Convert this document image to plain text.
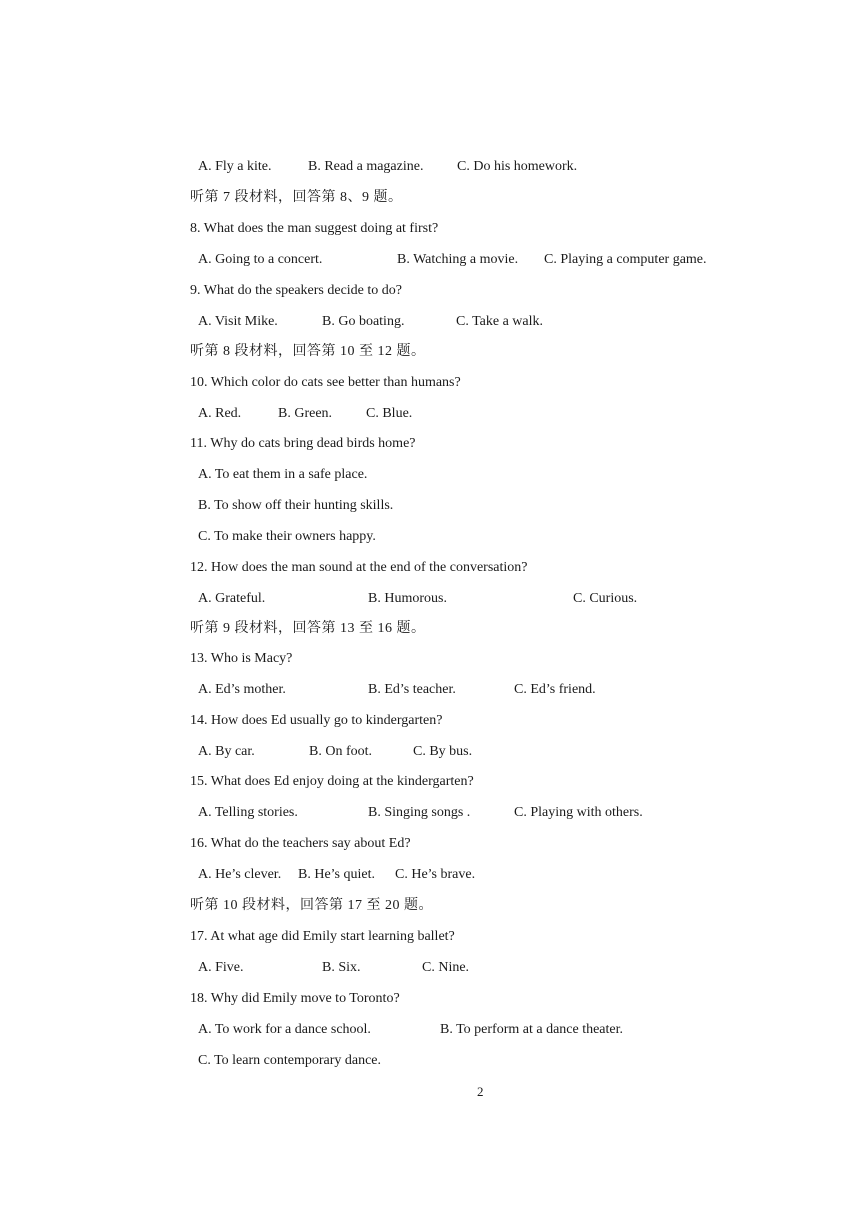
A. Fly a kite.	B. Read a magazine. C. Do his homework.
听第 7 段材料，回答第 8、9 题。
8. What does the man suggest doing at first?
A. Going to a concert.	B. Watching a movie. C. Playing a computer game.
9. What do the speakers decide to do?
A. Visit Mike.	B. Go boating.	C. Take a walk.
听第 8 段材料，回答第 10 至 12 题。
10. Which color do cats see better than humans?
A. Red.	B. Green. C. Blue.
11. Why do cats bring dead birds home?
A. To eat them in a safe place.
B. To show off their hunting skills.
C. To make their owners happy.
12. How does the man sound at the end of the conversation?
A. Grateful.	B. Humorous.	C. Curious.
听第 9 段材料，回答第 13 至 16 题。
13. Who is Macy?
A. Ed’s mother.	B. Ed’s teacher.	C. Ed’s friend.
14. How does Ed usually go to kindergarten?
A. By car.	B. On foot.	C. By bus.
15. What does Ed enjoy doing at the kindergarten?
A. Telling stories.	B. Singing songs .	C. Playing with others.
16. What do the teachers say about Ed?
A. He’s clever. B. He’s quiet. C. He’s brave.
听第 10 段材料，回答第 17 至 20 题。
17. At what age did Emily start learning ballet?
A. Five.	B. Six.	C. Nine.
18. Why did Emily move to Toronto?
A. To work for a dance school.	B. To perform at a dance theater.
C. To learn contemporary dance.
2
